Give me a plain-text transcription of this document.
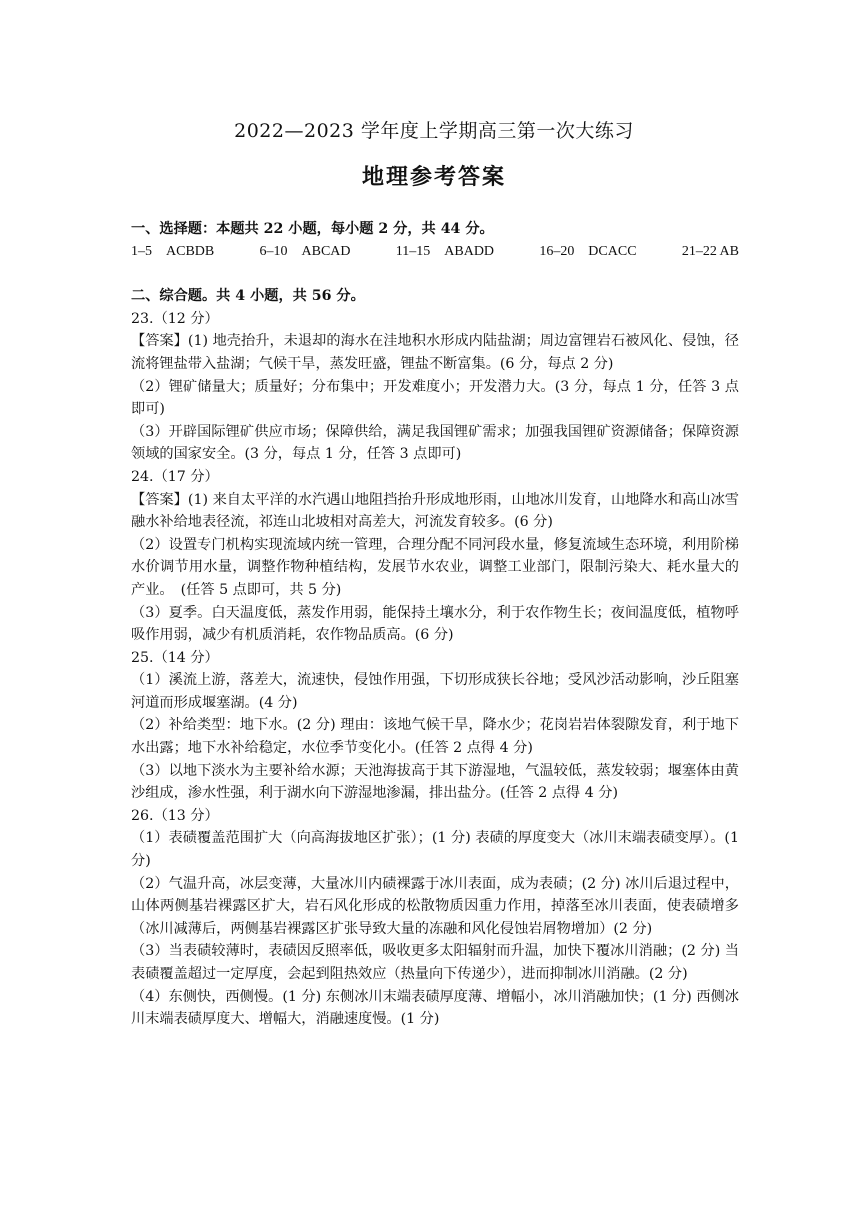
2022—2023 学年度上学期高三第一次大练习
地理参考答案

一、选择题：本题共 22 小题，每小题 2 分，共 44 分。

1–5　ACBDB	6–10　ABCAD	11–15　ABADD	16–20　DCACC	21–22 AB

二、综合题。共 4 小题，共 56 分。

23.（12 分）

【答案】(1) 地壳抬升，未退却的海水在洼地积水形成内陆盐湖；周边富锂岩石被风化、侵蚀，径流将锂盐带入盐湖；气候干旱，蒸发旺盛，锂盐不断富集。(6 分，每点 2 分)

（2）锂矿储量大；质量好；分布集中；开发难度小；开发潜力大。(3 分，每点 1 分，任答 3 点即可)

（3）开辟国际锂矿供应市场；保障供给，满足我国锂矿需求；加强我国锂矿资源储备；保障资源领域的国家安全。(3 分，每点 1 分，任答 3 点即可)

24.（17 分）

【答案】(1) 来自太平洋的水汽遇山地阻挡抬升形成地形雨，山地冰川发育，山地降水和高山冰雪融水补给地表径流，祁连山北坡相对高差大，河流发育较多。(6 分)

（2）设置专门机构实现流域内统一管理，合理分配不同河段水量，修复流域生态环境，利用阶梯水价调节用水量，调整作物种植结构，发展节水农业，调整工业部门，限制污染大、耗水量大的产业。　(任答 5 点即可，共 5 分)

（3）夏季。白天温度低，蒸发作用弱，能保持土壤水分，利于农作物生长；夜间温度低，植物呼吸作用弱，减少有机质消耗，农作物品质高。(6 分)

25.（14 分）

（1）溪流上游，落差大，流速快，侵蚀作用强，下切形成狭长谷地；受风沙活动影响，沙丘阻塞河道而形成堰塞湖。(4 分)

（2）补给类型：地下水。(2 分) 理由：该地气候干旱，降水少；花岗岩岩体裂隙发育，利于地下水出露；地下水补给稳定，水位季节变化小。(任答 2 点得 4 分)

（3）以地下淡水为主要补给水源；天池海拔高于其下游湿地，气温较低，蒸发较弱；堰塞体由黄沙组成，渗水性强，利于湖水向下游湿地渗漏，排出盐分。(任答 2 点得 4 分)

26.（13 分）

（1）表碛覆盖范围扩大（向高海拔地区扩张）；(1 分) 表碛的厚度变大（冰川末端表碛变厚）。(1 分)

（2）气温升高，冰层变薄，大量冰川内碛裸露于冰川表面，成为表碛；(2 分) 冰川后退过程中，山体两侧基岩裸露区扩大，岩石风化形成的松散物质因重力作用，掉落至冰川表面，使表碛增多（冰川减薄后，两侧基岩裸露区扩张导致大量的冻融和风化侵蚀岩屑物增加）(2 分)

（3）当表碛较薄时，表碛因反照率低，吸收更多太阳辐射而升温，加快下覆冰川消融；(2 分) 当表碛覆盖超过一定厚度，会起到阻热效应（热量向下传递少），进而抑制冰川消融。(2 分)

（4）东侧快，西侧慢。(1 分) 东侧冰川末端表碛厚度薄、增幅小，冰川消融加快；(1 分) 西侧冰川末端表碛厚度大、增幅大，消融速度慢。(1 分)
